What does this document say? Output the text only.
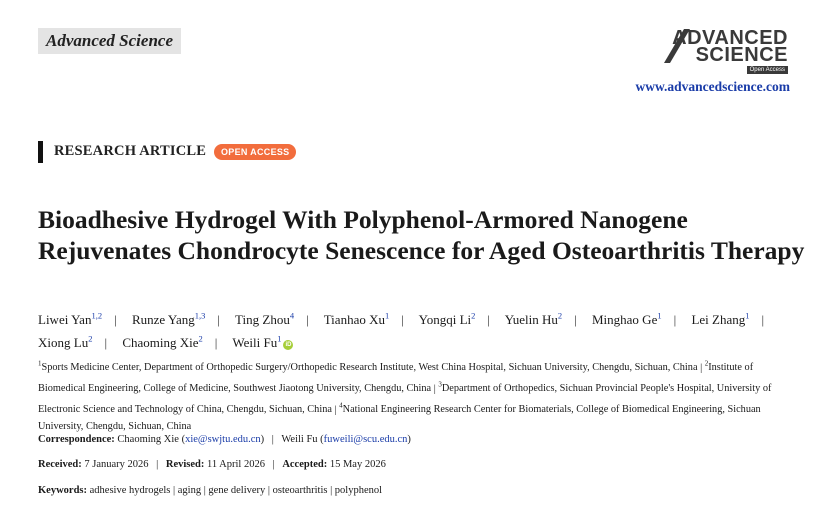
Advanced Science	ADVANCED
SCIENCE
Open Access
www.advancedscience.com
RESEARCH ARTICLE	OPEN ACCESS
Bioadhesive Hydrogel With Polyphenol-Armored Nanogene Rejuvenates Chondrocyte Senescence for Aged Osteoarthritis Therapy
Liwei Yan$^{1,2}$ | Runze Yang$^{1,3}$ | Ting Zhou$^4$ | Tianhao Xu$^1$ | Yongqi Li$^2$ | Yuelin Hu$^2$ | Minghao Ge$^1$ | Lei Zhang$^1$ | Xiong Lu$^2$ | Chaoming Xie$^2$ | Weili Fu$^1$iD
$^1$Sports Medicine Center, Department of Orthopedic Surgery/Orthopedic Research Institute, West China Hospital, Sichuan University, Chengdu, Sichuan, China | $^2$Institute of Biomedical Engineering, College of Medicine, Southwest Jiaotong University, Chengdu, China | $^3$Department of Orthopedics, Sichuan Provincial People's Hospital, University of Electronic Science and Technology of China, Chengdu, Sichuan, China | $^4$National Engineering Research Center for Biomaterials, College of Biomedical Engineering, Sichuan University, Chengdu, Sichuan, China
Correspondence: Chaoming Xie (xie@swjtu.edu.cn) | Weili Fu (fuweili@scu.edu.cn)
Received: 7 January 2026 | Revised: 11 April 2026 | Accepted: 15 May 2026
Keywords: adhesive hydrogels | aging | gene delivery | osteoarthritis | polyphenol
